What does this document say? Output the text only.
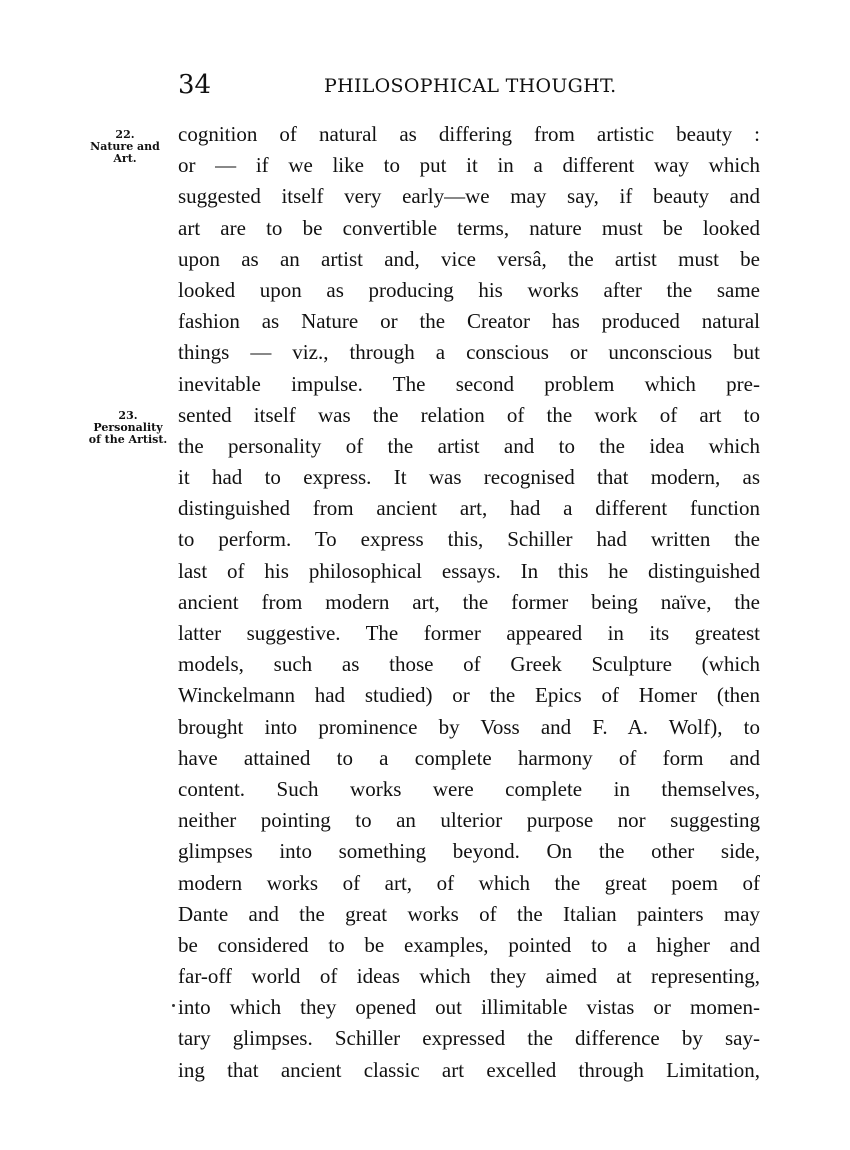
34	PHILOSOPHICAL THOUGHT.
22.
Nature and
Art.
23.
Personality
of the Artist.
cognition of natural as differing from artistic beauty :
or — if we like to put it in a different way which
suggested itself very early—we may say, if beauty and
art are to be convertible terms, nature must be looked
upon as an artist and, vice versâ, the artist must be
looked upon as producing his works after the same
fashion as Nature or the Creator has produced natural
things — viz., through a conscious or unconscious but
inevitable impulse. The second problem which pre-
sented itself was the relation of the work of art to
the personality of the artist and to the idea which
it had to express. It was recognised that modern, as
distinguished from ancient art, had a different function
to perform. To express this, Schiller had written the
last of his philosophical essays. In this he distinguished
ancient from modern art, the former being naïve, the
latter suggestive. The former appeared in its greatest
models, such as those of Greek Sculpture (which
Winckelmann had studied) or the Epics of Homer (then
brought into prominence by Voss and F. A. Wolf), to
have attained to a complete harmony of form and
content. Such works were complete in themselves,
neither pointing to an ulterior purpose nor suggesting
glimpses into something beyond. On the other side,
modern works of art, of which the great poem of
Dante and the great works of the Italian painters may
be considered to be examples, pointed to a higher and
far-off world of ideas which they aimed at representing,
into which they opened out illimitable vistas or momen-
tary glimpses. Schiller expressed the difference by say-
ing that ancient classic art excelled through Limitation,
